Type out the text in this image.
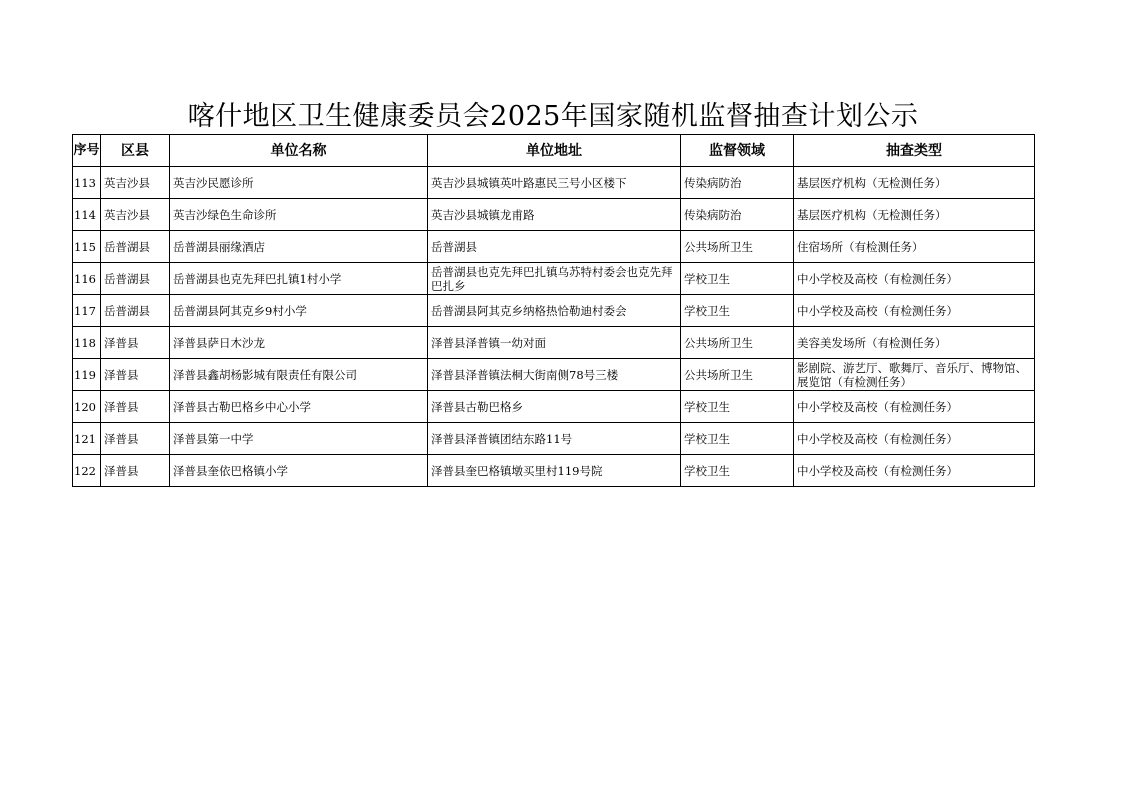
喀什地区卫生健康委员会2025年国家随机监督抽查计划公示
序号	区县	单位名称	单位地址	监督领域	抽查类型
113	英吉沙县	英吉沙民愿诊所	英吉沙县城镇英叶路惠民三号小区楼下	传染病防治	基层医疗机构（无检测任务）
114	英吉沙县	英吉沙绿色生命诊所	英吉沙县城镇龙甫路	传染病防治	基层医疗机构（无检测任务）
115	岳普湖县	岳普湖县丽缘酒店	岳普湖县	公共场所卫生	住宿场所（有检测任务）
116	岳普湖县	岳普湖县也克先拜巴扎镇1村小学	岳普湖县也克先拜巴扎镇乌苏特村委会也克先拜巴扎乡	学校卫生	中小学校及高校（有检测任务）
117	岳普湖县	岳普湖县阿其克乡9村小学	岳普湖县阿其克乡纳格热恰勒迪村委会	学校卫生	中小学校及高校（有检测任务）
118	泽普县	泽普县萨日木沙龙	泽普县泽普镇一幼对面	公共场所卫生	美容美发场所（有检测任务）
119	泽普县	泽普县鑫胡杨影城有限责任有限公司	泽普县泽普镇法桐大街南侧78号三楼	公共场所卫生	影剧院、游艺厅、歌舞厅、音乐厅、博物馆、展览馆（有检测任务）
120	泽普县	泽普县古勒巴格乡中心小学	泽普县古勒巴格乡	学校卫生	中小学校及高校（有检测任务）
121	泽普县	泽普县第一中学	泽普县泽普镇团结东路11号	学校卫生	中小学校及高校（有检测任务）
122	泽普县	泽普县奎依巴格镇小学	泽普县奎巴格镇墩买里村119号院	学校卫生	中小学校及高校（有检测任务）
